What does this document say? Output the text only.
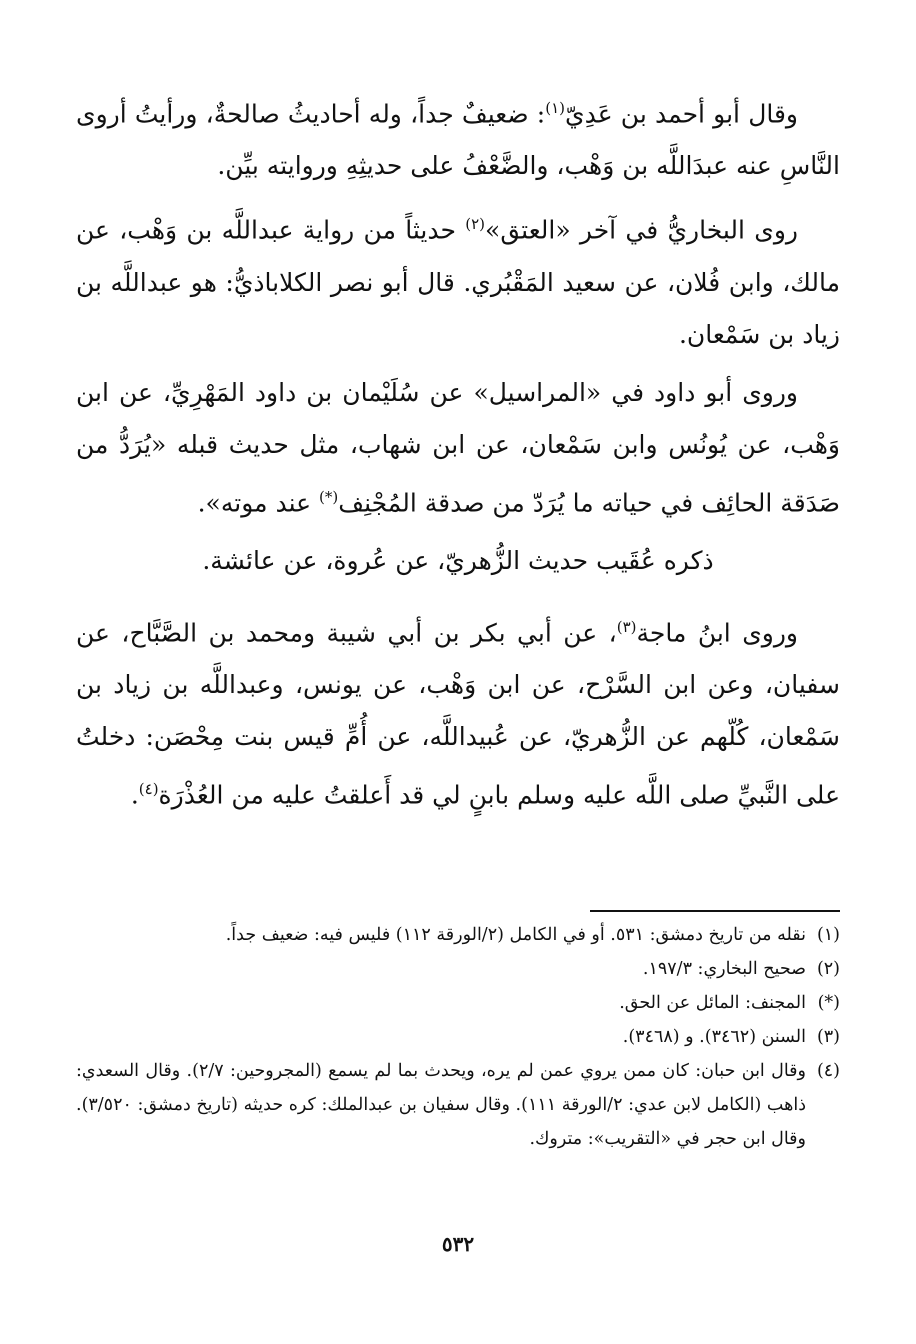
وقال أبو أحمد بن عَدِيّ$^{(١)}$: ضعيفٌ جداً، وله أحاديثُ صالحةٌ، ورأيتُ أروى النَّاسِ عنه عبدَاللَّه بن وَهْب، والضَّعْفُ على حديثِهِ وروايته بيِّن.

روى البخاريُّ في آخر «العتق»$^{(٢)}$ حديثاً من رواية عبداللَّه بن وَهْب، عن مالك، وابن فُلان، عن سعيد المَقْبُري. قال أبو نصر الكلاباذيُّ: هو عبداللَّه بن زياد بن سَمْعان.

وروى أبو داود في «المراسيل» عن سُلَيْمان بن داود المَهْرِيِّ، عن ابن وَهْب، عن يُونُس وابن سَمْعان، عن ابن شهاب، مثل حديث قبله «يُرَدُّ من صَدَقة الحائِف في حياته ما يُرَدّ من صدقة المُجْنِف(*) عند موته».

ذكره عُقَيب حديث الزُّهريّ، عن عُروة، عن عائشة.

وروى ابنُ ماجة$^{(٣)}$، عن أبي بكر بن أبي شيبة ومحمد بن الصَّبَّاح، عن سفيان، وعن ابن السَّرْح، عن ابن وَهْب، عن يونس، وعبداللَّه بن زياد بن سَمْعان، كُلّهم عن الزُّهريّ، عن عُبيداللَّه، عن أُمِّ قيس بنت مِحْصَن: دخلتُ على النَّبيِّ صلى اللَّه عليه وسلم بابنٍ لي قد أَعلقتُ عليه من العُذْرَة$^{(٤)}$.

(١)
نقله من تاريخ دمشق: ٥٣١. أو في الكامل (٢/الورقة ١١٢) فليس فيه: ضعيف جداً.
(٢)
صحيح البخاري: ١٩٧/٣.
(*)
المجنف: المائل عن الحق.
(٣)
السنن (٣٤٦٢). و (٣٤٦٨).
(٤)
وقال ابن حبان: كان ممن يروي عمن لم يره، ويحدث بما لم يسمع (المجروحين: ٢/٧). وقال السعدي: ذاهب (الكامل لابن عدي: ٢/الورقة ١١١). وقال سفيان بن عبدالملك: كره حديثه (تاريخ دمشق: ٣/٥٢٠). وقال ابن حجر في «التقريب»: متروك.
٥٣٢
